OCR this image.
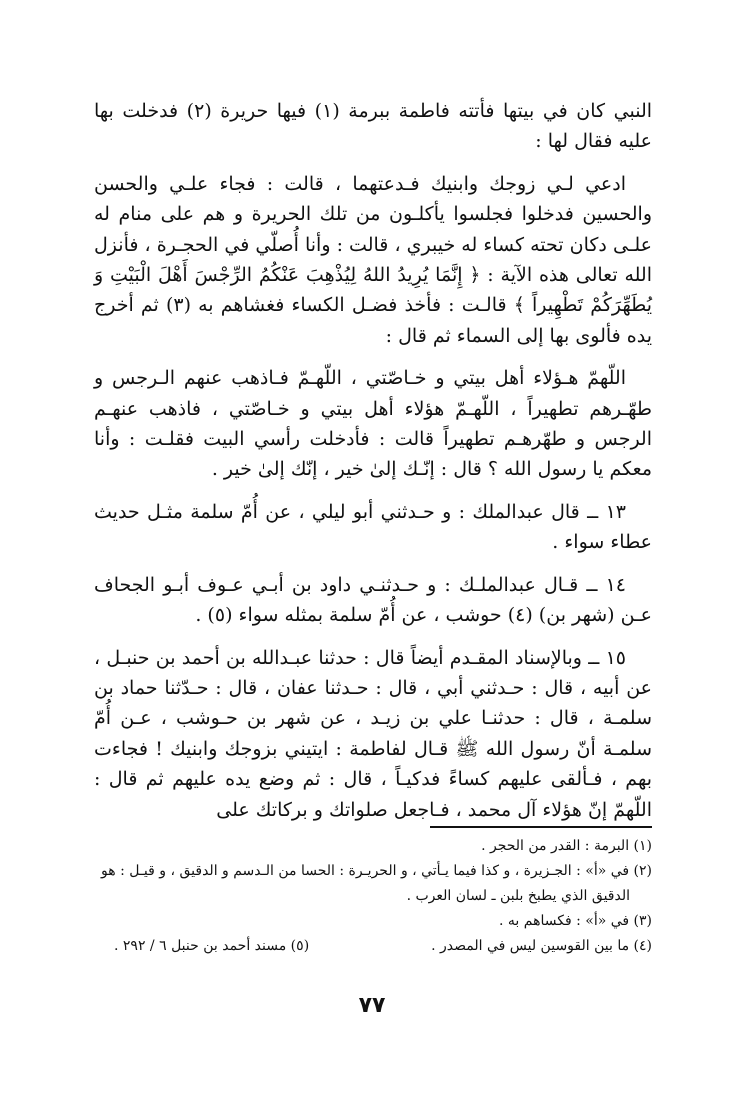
النبي كان في بيتها فأتته فاطمة ببرمة (١) فيها حريرة (٢) فدخلت بها عليه فقال لها :

ادعي لـي زوجك وابنيك فـدعتهما ، قالت : فجاء علـي والحسن والحسين فدخلوا فجلسوا يأكلـون من تلك الحريرة و هم على منام له علـى دكان تحته كساء له خيبري ، قالت : وأنا أُصلّي في الحجـرة ، فأنزل الله تعالى هذه الآية : ﴿ إِنَّمَا يُرِيدُ اللهُ لِيُذْهِبَ عَنْكُمُ الرِّجْسَ أَهْلَ الْبَيْتِ وَ يُطَهِّرَكُمْ تَطْهِيراً ﴾ قالـت : فأخذ فضـل الكساء فغشاهم به (٣) ثم أخرج يده فألوى بها إلى السماء ثم قال :

اللّهمّ هـؤلاء أهل بيتي و خـاصّتي ، اللّهـمّ فـاذهب عنهم الـرجس و طهّـرهم تطهيراً ، اللّهـمّ هؤلاء أهل بيتي و خـاصّتي ، فاذهب عنهـم الرجس و طهّرهـم تطهيراً قالت : فأدخلت رأسي البيت فقلـت : وأنا معكم يا رسول الله ؟ قال : إنّـك إلىٰ خير ، إنّك إلىٰ خير .

١٣ ــ قال عبدالملك : و حـدثني أبو ليلي ، عن أُمّ سلمة مثـل حديث عطاء سواء .

١٤ ــ قـال عبدالملـك : و حـدثنـي داود بن أبـي عـوف أبـو الجحاف عـن (شهر بن) (٤) حوشب ، عن أُمّ سلمة بمثله سواء (٥) .

١٥ ــ وبالإسناد المقـدم أيضاً قال : حدثنا عبـدالله بن أحمد بن حنبـل ، عن أبيه ، قال : حـدثني أبي ، قال : حـدثنا عفان ، قال : حـدّثنا حماد بن سلمـة ، قال : حدثنـا علي بن زيـد ، عن شهر بن حـوشب ، عـن أُمّ سلمـة أنّ رسول الله ﷺ قـال لفاطمة : ايتيني بزوجك وابنيك ! فجاءت بهم ، فـألقى عليهم كساءً فدكيـاً ، قال : ثم وضع يده عليهم ثم قال : اللّهمّ إنّ هؤلاء آل محمد ، فـاجعل صلواتك و بركاتك على

(١) البرمة : القدر من الحجر .
(٢) في «أ» : الجـزيرة ، و كذا فيما يـأتي ، و الحريـرة : الحسا من الـدسم و الدقيق ، و قيـل : هو
الدقيق الذي يطبخ بلبن ـ لسان العرب .
(٣) في «أ» : فكساهم به .
(٤) ما بين القوسين ليس في المصدر .
(٥) مسند أحمد بن حنبل ٦ / ٢٩٢ .
٧٧
